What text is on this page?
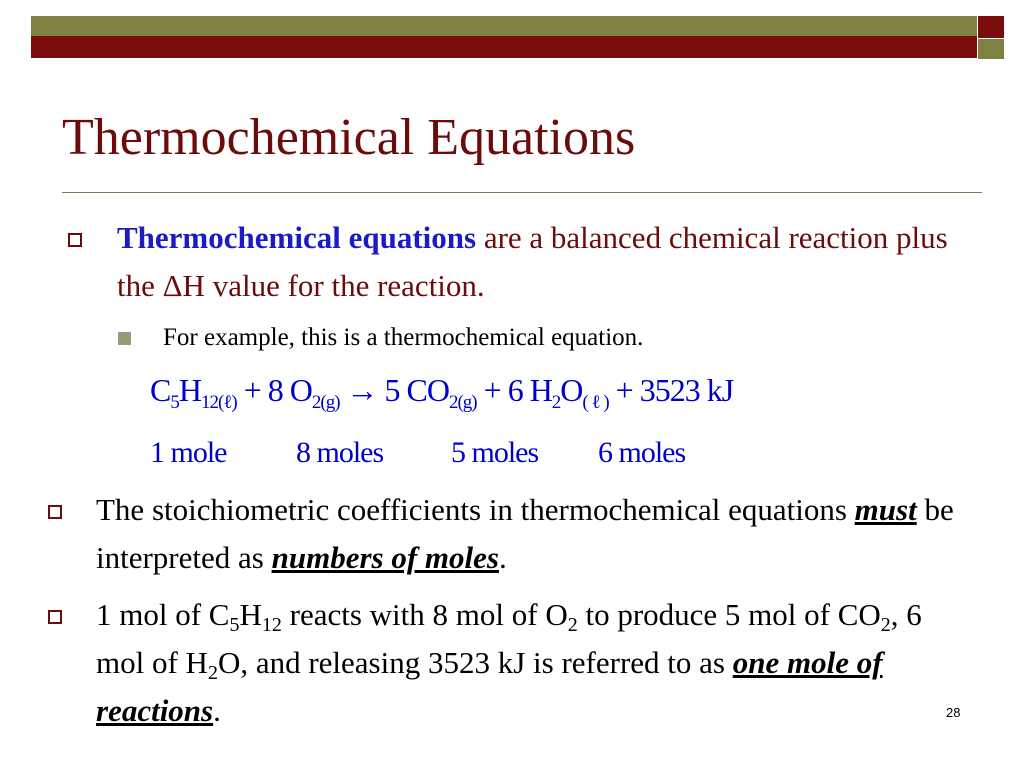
Thermochemical Equations

Thermochemical equations are a balanced chemical reaction plus the ΔH value for the reaction.

For example, this is a thermochemical equation.

$C_5H_{12(\ell)} + 8$ $O_{2(g)} \to 5$ $CO_{2(g)} + 6$ $H_2O_{( \ell )} + 3523$ kJ
1 mole 8 moles 5 moles 6 moles

The stoichiometric coefficients in thermochemical equations must be interpreted as numbers of moles.

1 mol of $C_5H_{12}$ reacts with 8 mol of $O_2$ to produce 5 mol of $CO_2$, 6 mol of $H_2O$, and releasing 3523 kJ is referred to as one mole of reactions.	28
